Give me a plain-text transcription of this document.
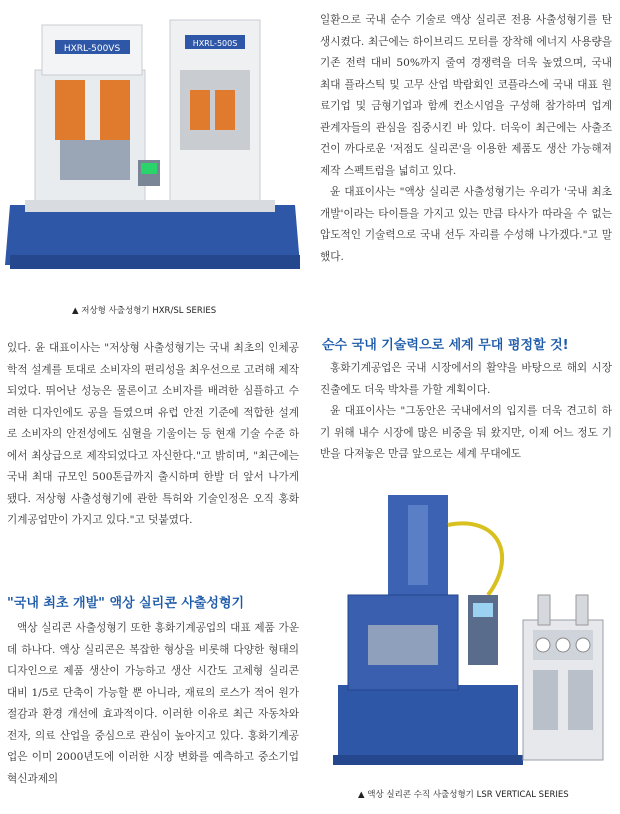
HXRL-500VS
HXRL-500S
▲ 저상형 사출성형기 HXR/SL SERIES

일환으로 국내 순수 기술로 액상 실리콘 전용 사출성형기를 탄생시켰다. 최근에는 하이브리드 모터를 장착해 에너지 사용량을 기존 전력 대비 50%까지 줄여 경쟁력을 더욱 높였으며, 국내 최대 플라스틱 및 고무 산업 박람회인 코플라스에 국내 대표 원료기업 및 금형기업과 함께 컨소시엄을 구성해 참가하며 업계 관계자들의 관심을 집중시킨 바 있다. 더욱이 최근에는 사출조건이 까다로운 '저점도 실리콘'을 이용한 제품도 생산 가능해져 제작 스펙트럼을 넓히고 있다.

윤 대표이사는 "액상 실리콘 사출성형기는 우리가 '국내 최초 개발'이라는 타이틀을 가지고 있는 만큼 타사가 따라올 수 없는 압도적인 기술력으로 국내 선두 자리를 수성해 나가겠다."고 말했다.

있다. 윤 대표이사는 "저상형 사출성형기는 국내 최초의 인체공학적 설계를 토대로 소비자의 편리성을 최우선으로 고려해 제작되었다. 뛰어난 성능은 물론이고 소비자를 배려한 심플하고 수려한 디자인에도 공을 들였으며 유럽 안전 기준에 적합한 설계로 소비자의 안전성에도 심혈을 기울이는 등 현재 기술 수준 하에서 최상급으로 제작되었다고 자신한다."고 밝히며, "최근에는 국내 최대 규모인 500톤급까지 출시하며 한발 더 앞서 나가게 됐다. 저상형 사출성형기에 관한 특허와 기술인정은 오직 홍화기계공업만이 가지고 있다."고 덧붙였다.

"국내 최초 개발" 액상 실리콘 사출성형기

액상 실리콘 사출성형기 또한 홍화기계공업의 대표 제품 가운데 하나다. 액상 실리콘은 복잡한 형상을 비롯해 다양한 형태의 디자인으로 제품 생산이 가능하고 생산 시간도 고체형 실리콘 대비 1/5로 단축이 가능할 뿐 아니라, 재료의 로스가 적어 원가 절감과 환경 개선에 효과적이다. 이러한 이유로 최근 자동차와 전자, 의료 산업을 중심으로 관심이 높아지고 있다. 홍화기계공업은 이미 2000년도에 이러한 시장 변화를 예측하고 중소기업혁신과제의

순수 국내 기술력으로 세계 무대 평정할 것!

홍화기계공업은 국내 시장에서의 활약을 바탕으로 해외 시장 진출에도 더욱 박차를 가할 계획이다.

윤 대표이사는 "그동안은 국내에서의 입지를 더욱 견고히 하기 위해 내수 시장에 많은 비중을 둬 왔지만, 이제 어느 정도 기반을 다져놓은 만큼 앞으로는 세계 무대에도

▲ 액상 실리콘 수직 사출성형기 LSR VERTICAL SERIES
